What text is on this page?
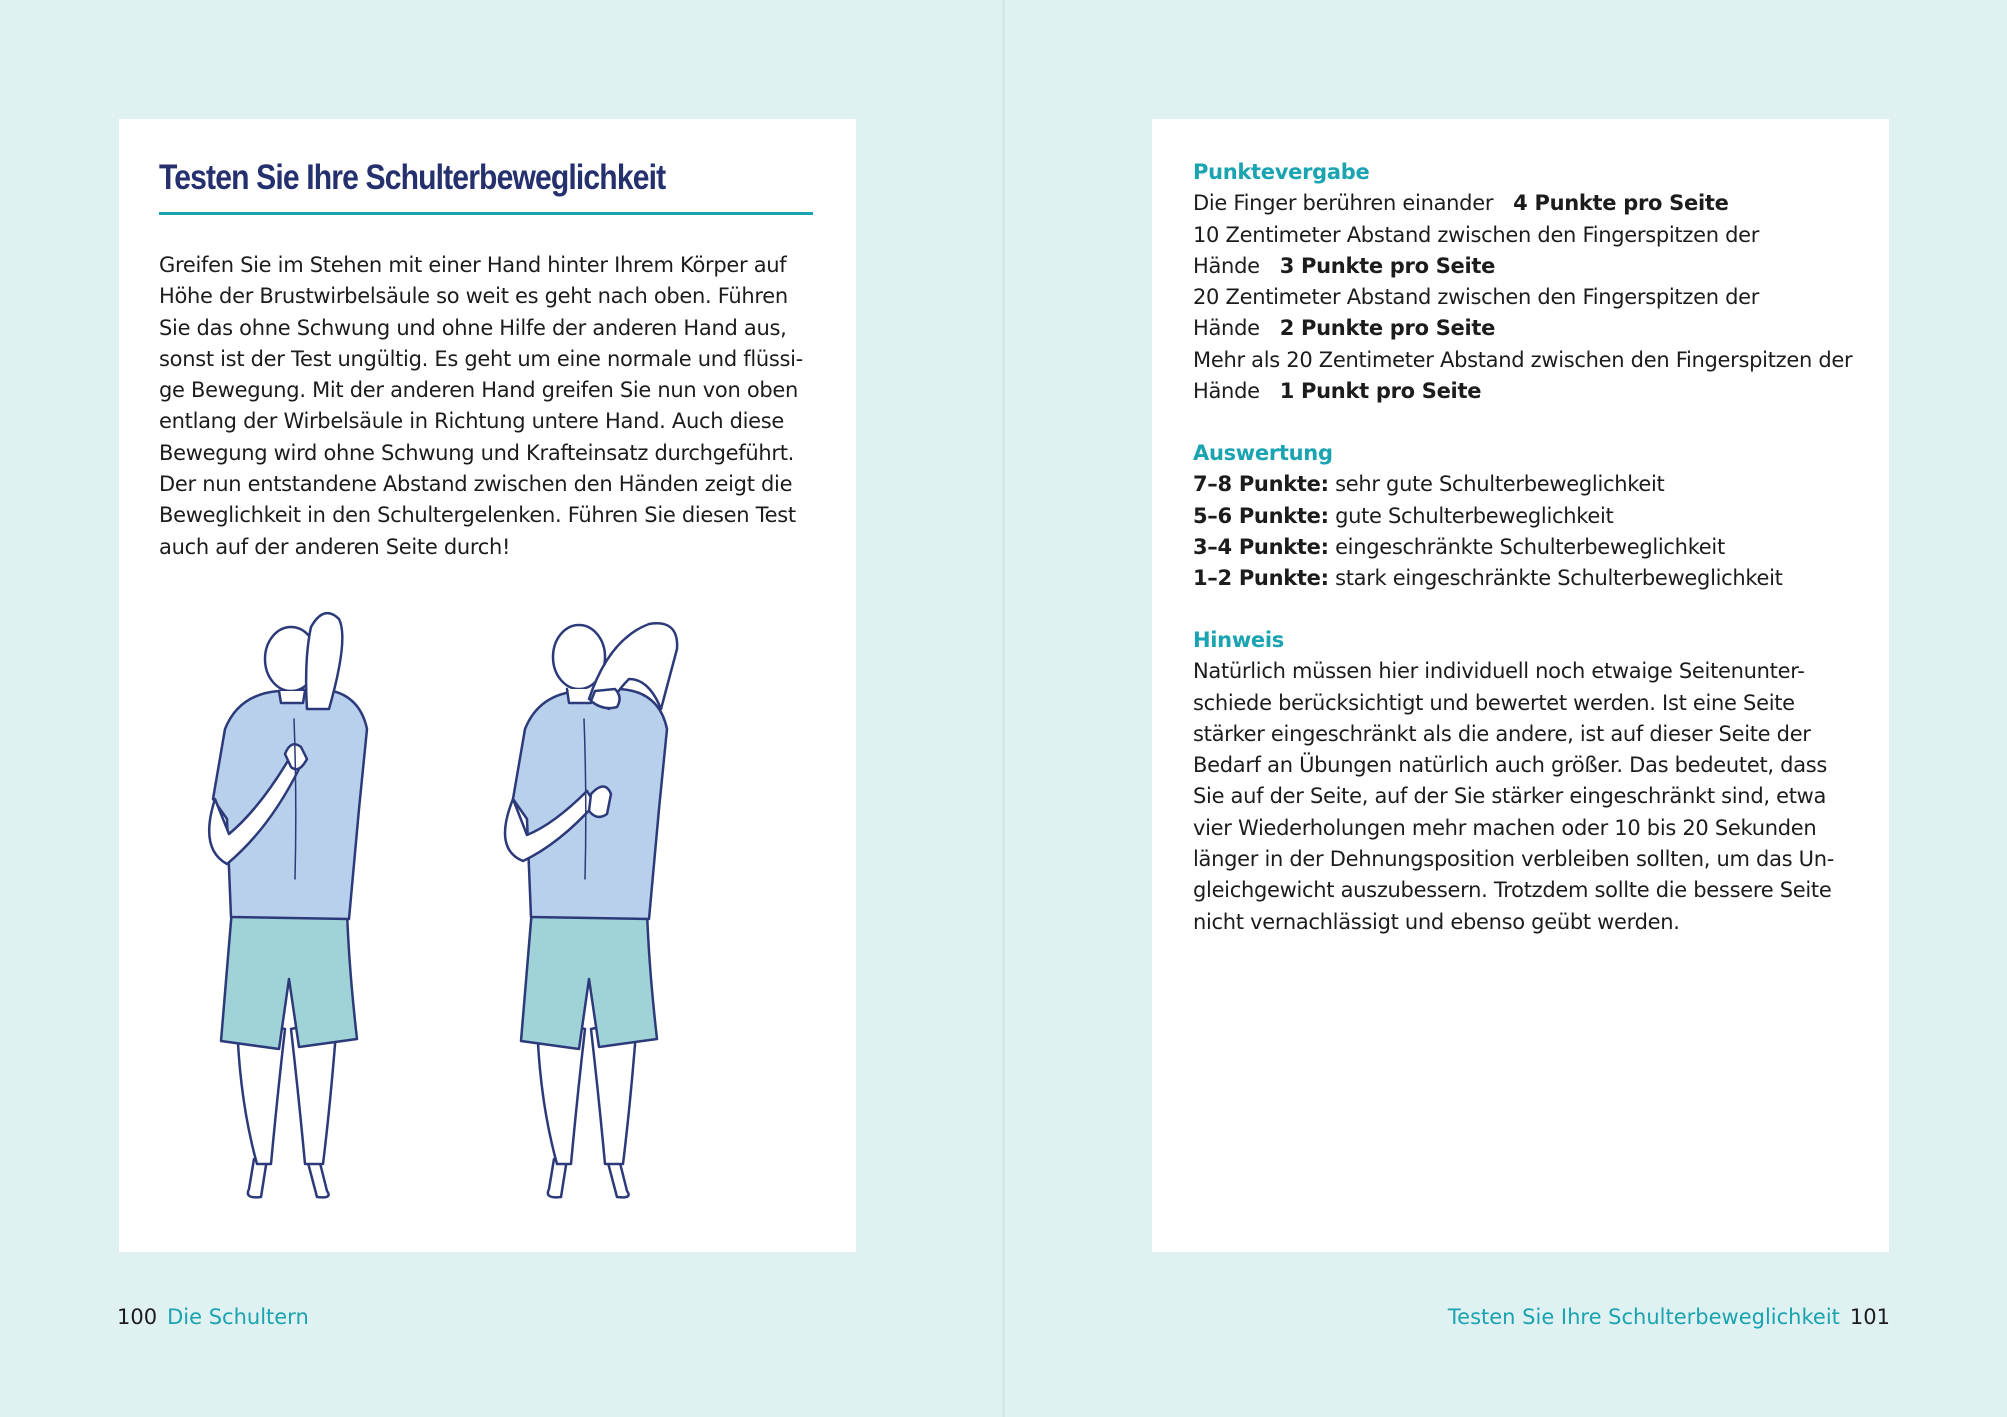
Testen Sie Ihre Schulterbeweglichkeit

Greifen Sie im Stehen mit einer Hand hinter Ihrem Körper auf Höhe der Brustwirbelsäule so weit es geht nach oben. Führen Sie das ohne Schwung und ohne Hilfe der anderen Hand aus, sonst ist der Test ungültig. Es geht um eine normale und flüssi-ge Bewegung. Mit der anderen Hand greifen Sie nun von oben entlang der Wirbelsäule in Richtung untere Hand. Auch diese Bewegung wird ohne Schwung und Krafteinsatz durchgeführt. Der nun entstandene Abstand zwischen den Händen zeigt die Beweglichkeit in den Schultergelenken. Führen Sie diesen Test auch auf der anderen Seite durch!

Punktevergabe

Die Finger berühren einander 4 Punkte pro Seite

10 Zentimeter Abstand zwischen den Fingerspitzen der Hände 3 Punkte pro Seite

20 Zentimeter Abstand zwischen den Fingerspitzen der Hände 2 Punkte pro Seite

Mehr als 20 Zentimeter Abstand zwischen den Fingerspitzen der Hände 1 Punkt pro Seite

Auswertung

7–8 Punkte: sehr gute Schulterbeweglichkeit

5–6 Punkte: gute Schulterbeweglichkeit

3–4 Punkte: eingeschränkte Schulterbeweglichkeit

1–2 Punkte: stark eingeschränkte Schulterbeweglichkeit

Hinweis

Natürlich müssen hier individuell noch etwaige Seitenunter-schiede berücksichtigt und bewertet werden. Ist eine Seite stärker eingeschränkt als die andere, ist auf dieser Seite der Bedarf an Übungen natürlich auch größer. Das bedeutet, dass Sie auf der Seite, auf der Sie stärker eingeschränkt sind, etwa vier Wiederholungen mehr machen oder 10 bis 20 Sekunden länger in der Dehnungsposition verbleiben sollten, um das Un-gleichgewicht auszubessern. Trotzdem sollte die bessere Seite nicht vernachlässigt und ebenso geübt werden.

100 Die Schultern	Testen Sie Ihre Schulterbeweglichkeit 101
